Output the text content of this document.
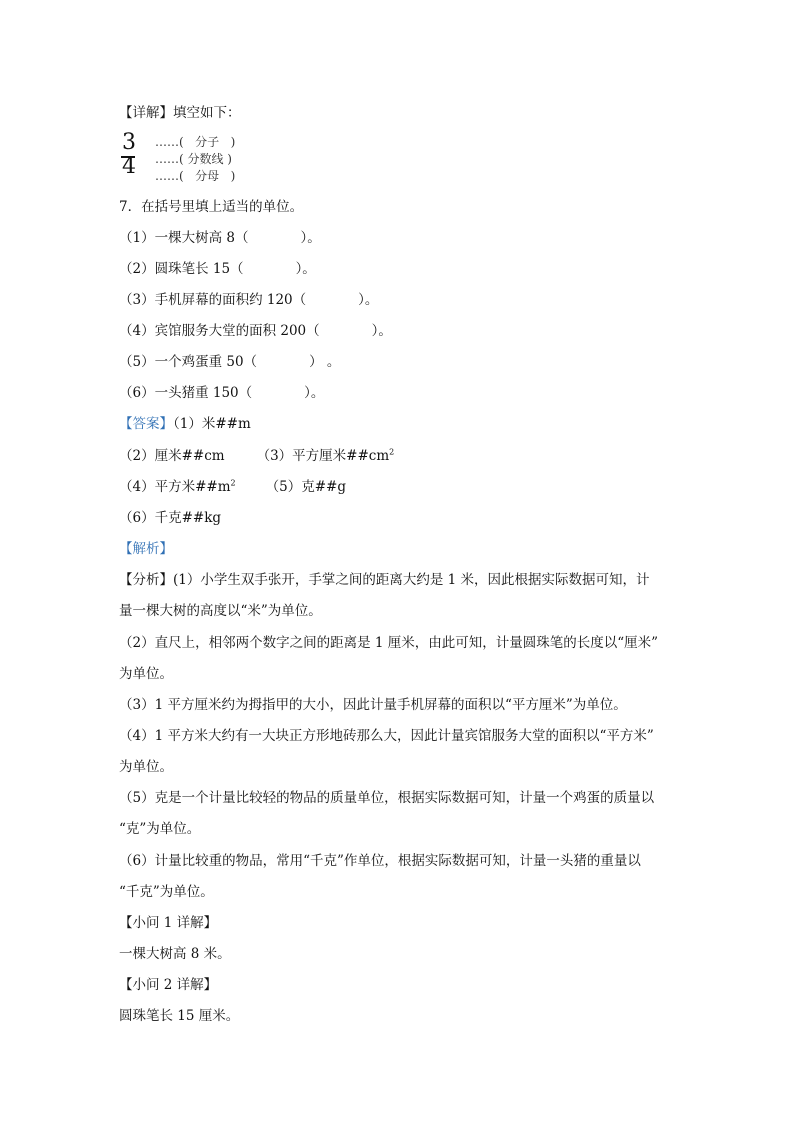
【详解】填空如下：
3
4
……(   分子   )
……( 分数线 )
……(   分母   )
7．在括号里填上适当的单位。
（1）一棵大树高 8（	）。
（2）圆珠笔长 15（	）。
（3）手机屏幕的面积约 120（	）。
（4）宾馆服务大堂的面积 200（	）。
（5）一个鸡蛋重 50（	） 。
（6）一头猪重 150（	）。
【答案】（1）米##m
（2）厘米##cm （3）平方厘米$\#\#cm^2$
（4）平方米$\#\#m^2$ （5）克##g
（6）千克##kg
【解析】
【分析】(1）小学生双手张开，手掌之间的距离大约是 1 米，因此根据实际数据可知，计
量一棵大树的高度以“米”为单位。
（2）直尺上，相邻两个数字之间的距离是 1 厘米，由此可知，计量圆珠笔的长度以“厘米”
为单位。
（3）1 平方厘米约为拇指甲的大小，因此计量手机屏幕的面积以“平方厘米”为单位。
（4）1 平方米大约有一大块正方形地砖那么大，因此计量宾馆服务大堂的面积以“平方米”
为单位。
（5）克是一个计量比较轻的物品的质量单位，根据实际数据可知，计量一个鸡蛋的质量以
“克”为单位。
（6）计量比较重的物品，常用“千克”作单位，根据实际数据可知，计量一头猪的重量以
“千克”为单位。
【小问 1 详解】
一棵大树高 8 米。
【小问 2 详解】
圆珠笔长 15 厘米。
